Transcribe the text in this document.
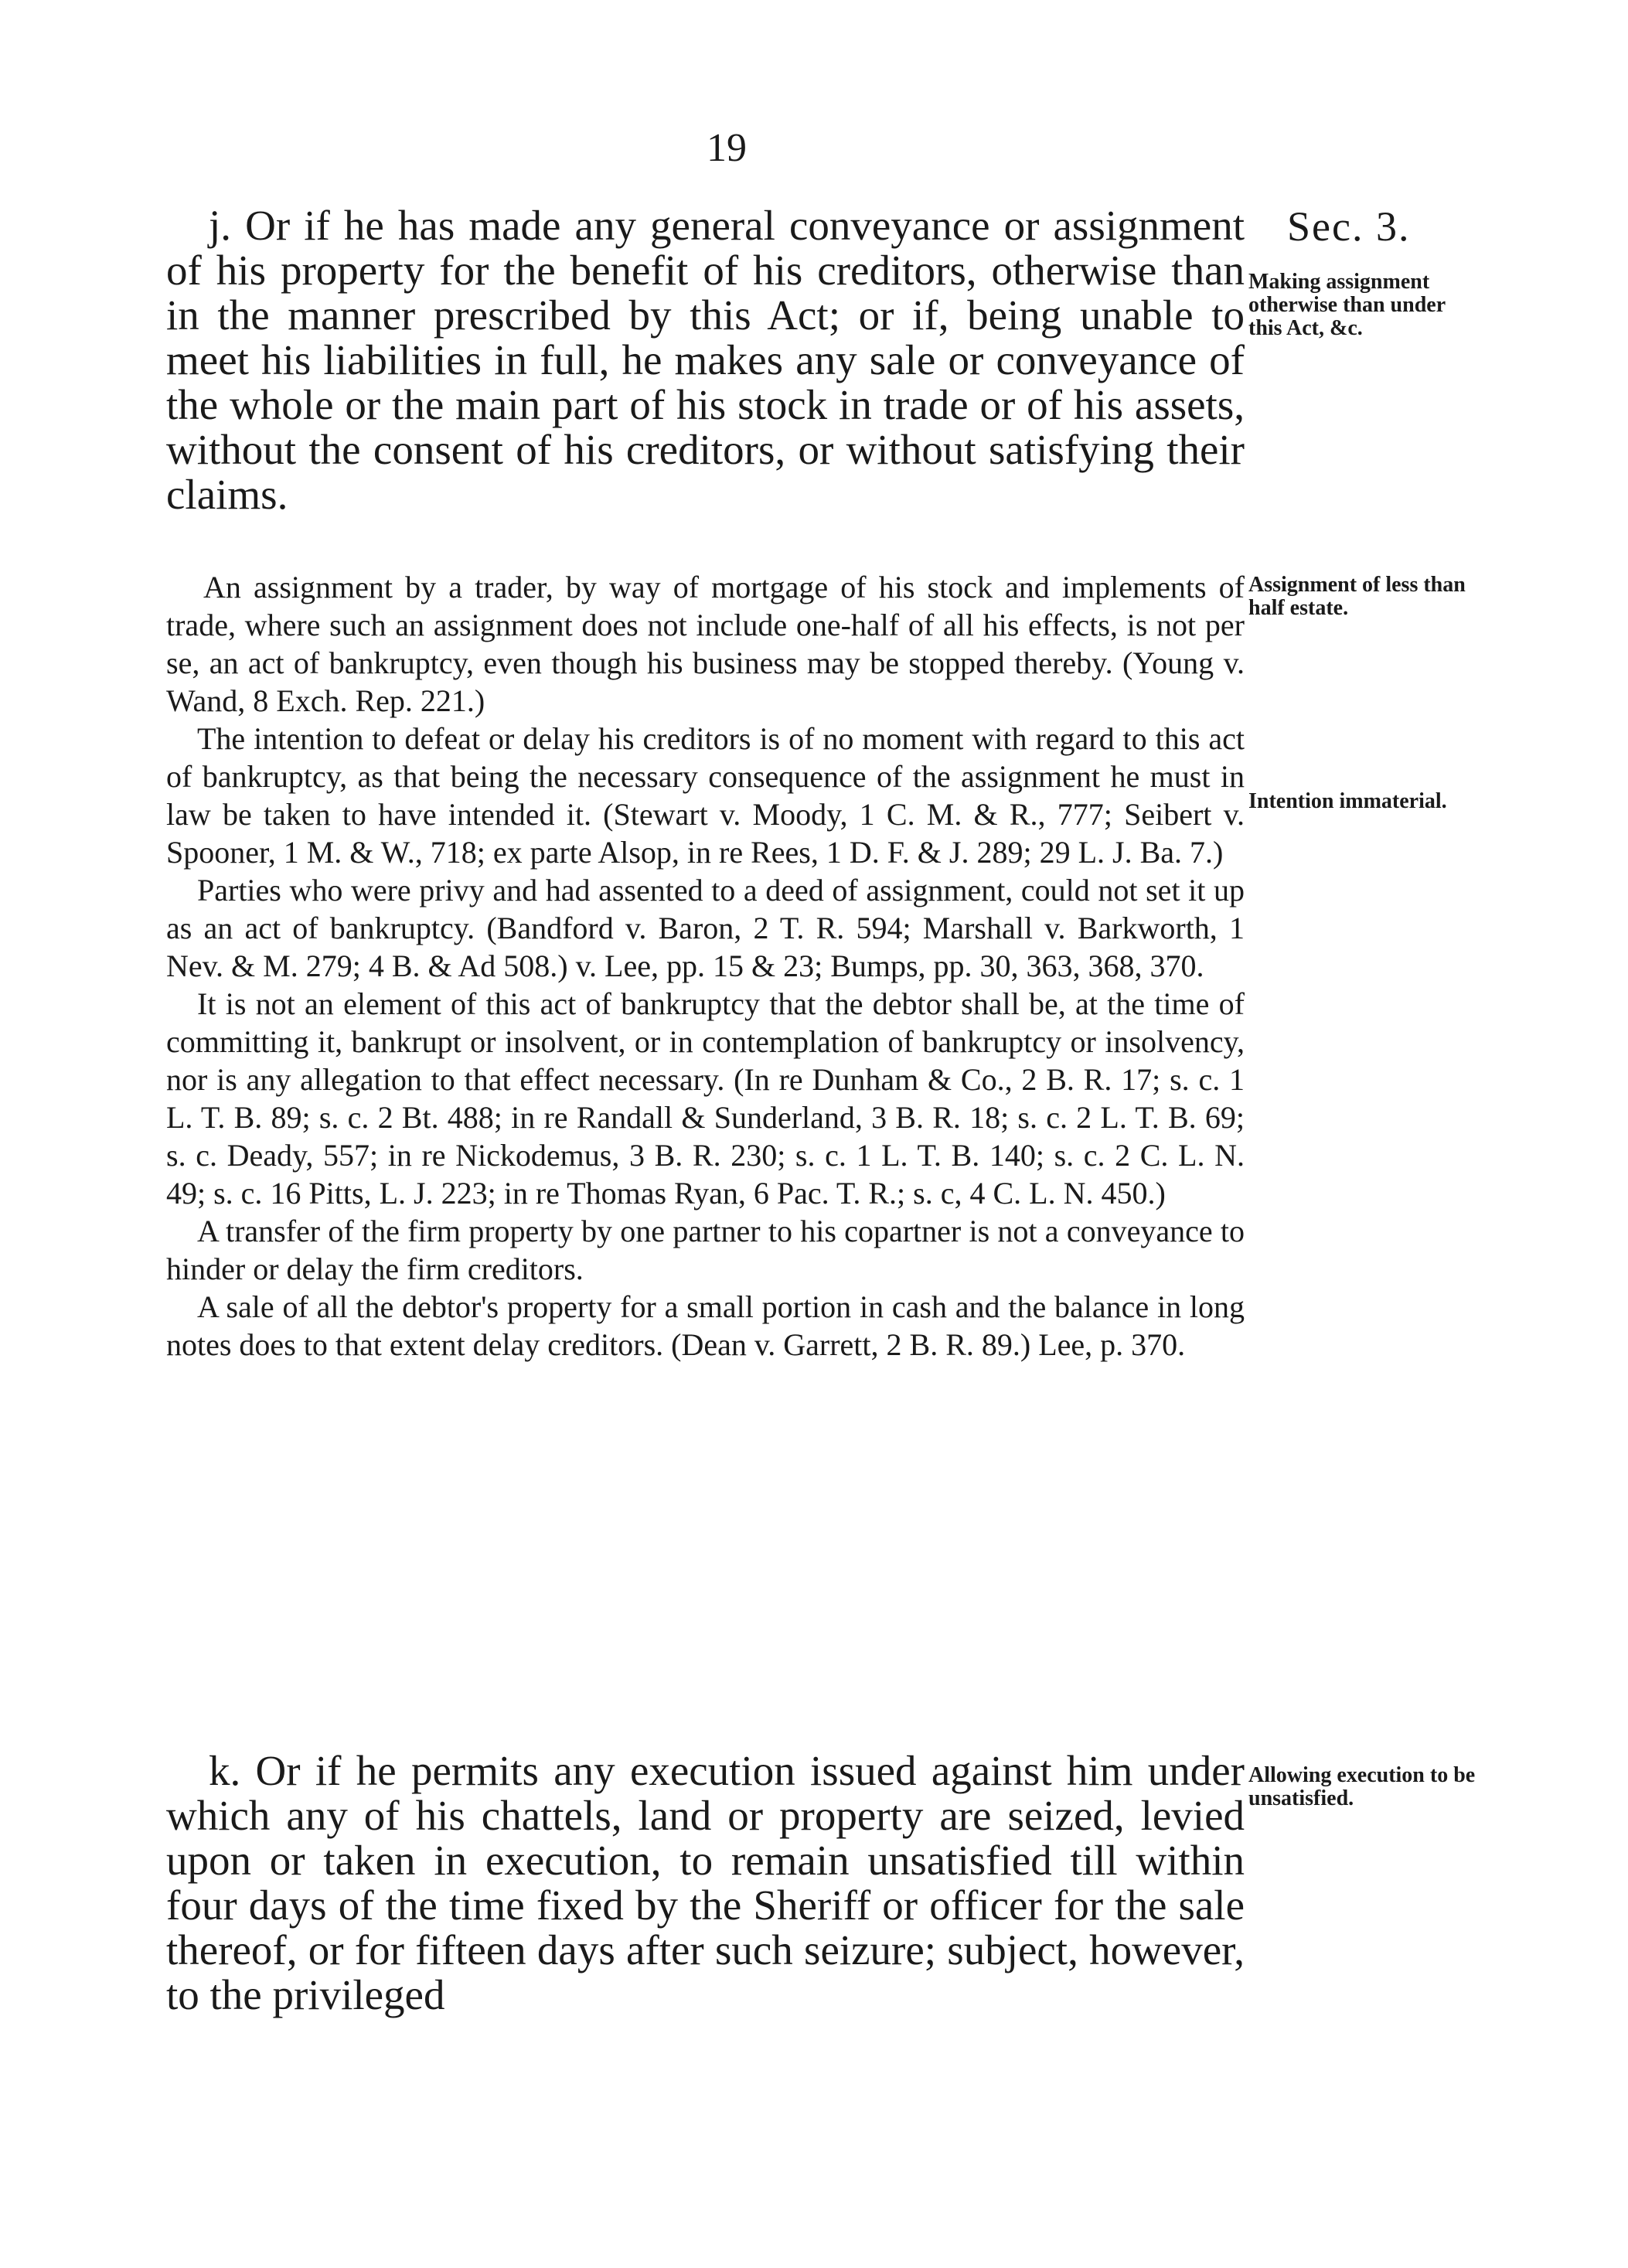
19
Sec. 3.
Making assignment otherwise than under this Act, &c.
Assignment of less than half estate.
Intention immaterial.
Allowing execution to be unsatisfied.

j. Or if he has made any general conveyance or assignment of his property for the benefit of his creditors, otherwise than in the manner prescribed by this Act; or if, being unable to meet his liabilities in full, he makes any sale or conveyance of the whole or the main part of his stock in trade or of his assets, without the consent of his creditors, or without satisfying their claims.

An assignment by a trader, by way of mortgage of his stock and implements of trade, where such an assignment does not include one-half of all his effects, is not per se, an act of bankruptcy, even though his business may be stopped thereby. (Young v. Wand, 8 Exch. Rep. 221.)

The intention to defeat or delay his creditors is of no moment with regard to this act of bankruptcy, as that being the necessary consequence of the assignment he must in law be taken to have intended it. (Stewart v. Moody, 1 C. M. & R., 777; Seibert v. Spooner, 1 M. & W., 718; ex parte Alsop, in re Rees, 1 D. F. & J. 289; 29 L. J. Ba. 7.)

Parties who were privy and had assented to a deed of assignment, could not set it up as an act of bankruptcy. (Bandford v. Baron, 2 T. R. 594; Marshall v. Barkworth, 1 Nev. & M. 279; 4 B. & Ad 508.) v. Lee, pp. 15 & 23; Bumps, pp. 30, 363, 368, 370.

It is not an element of this act of bankruptcy that the debtor shall be, at the time of committing it, bankrupt or insolvent, or in contemplation of bankruptcy or insolvency, nor is any allegation to that effect necessary. (In re Dunham & Co., 2 B. R. 17; s. c. 1 L. T. B. 89; s. c. 2 Bt. 488; in re Randall & Sunderland, 3 B. R. 18; s. c. 2 L. T. B. 69; s. c. Deady, 557; in re Nickodemus, 3 B. R. 230; s. c. 1 L. T. B. 140; s. c. 2 C. L. N. 49; s. c. 16 Pitts, L. J. 223; in re Thomas Ryan, 6 Pac. T. R.; s. c, 4 C. L. N. 450.)

A transfer of the firm property by one partner to his copartner is not a conveyance to hinder or delay the firm creditors.

A sale of all the debtor's property for a small portion in cash and the balance in long notes does to that extent delay creditors. (Dean v. Garrett, 2 B. R. 89.) Lee, p. 370.

k. Or if he permits any execution issued against him under which any of his chattels, land or property are seized, levied upon or taken in execution, to remain unsatisfied till within four days of the time fixed by the Sheriff or officer for the sale thereof, or for fifteen days after such seizure; subject, however, to the privileged
